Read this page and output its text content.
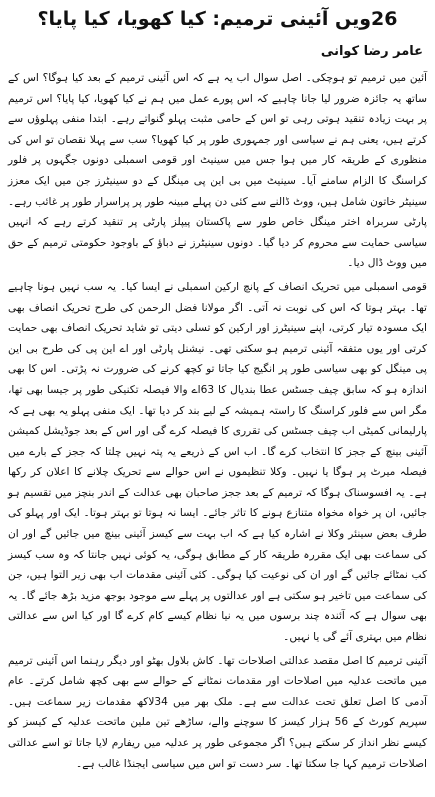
26ویں آئینی ترمیم: کیا کھویا، کیا پایا؟
عامر رضا کوانی

آئین میں ترمیم تو ہوچکی۔ اصل سوال اب یہ ہے کہ اس آئینی ترمیم کے بعد کیا ہوگا؟ اس کے ساتھ یہ جائزہ ضرور لیا جانا چاہیے کہ اس پورے عمل میں ہم نے کیا کھویا، کیا پایا؟ اس ترمیم پر بہت زیادہ تنقید ہوتی رہی تو اس کے حامی مثبت پہلو گنواتے رہے۔ ابتدا منفی پہلوؤں سے کرتے ہیں، یعنی ہم نے سیاسی اور جمہوری طور پر کیا کھویا؟ سب سے پہلا نقصان تو اس کی منظوری کے طریقہ کار میں ہوا جس میں سینیٹ اور قومی اسمبلی دونوں جگہوں پر فلور کراسنگ کا الزام سامنے آیا۔ سینیٹ میں بی این پی مینگل کے دو سینیٹرز جن میں ایک معزز سینیٹر خاتون شامل ہیں، ووٹ ڈالنے سے کئی دن پہلے مبینہ طور پر پراسرار طور پر غائب رہے۔ پارٹی سربراہ اختر مینگل خاص طور سے پاکستان پیپلز پارٹی پر تنقید کرتے رہے کہ انہیں سیاسی حمایت سے محروم کر دیا گیا۔ دونوں سینیٹرز نے دباؤ کے باوجود حکومتی ترمیم کے حق میں ووٹ ڈال دیا۔

قومی اسمبلی میں تحریک انصاف کے پانچ ارکین اسمبلی نے ایسا کیا۔ یہ سب نہیں ہونا چاہیے تھا۔ بہتر ہوتا کہ اس کی نوبت نہ آتی۔ اگر مولانا فضل الرحمن کی طرح تحریک انصاف بھی ایک مسودہ تیار کرتی، اپنے سینیٹرز اور ارکین کو تسلی دیتی تو شاید تحریک انصاف بھی حمایت کرتی اور یوں متفقہ آئینی ترمیم ہو سکتی تھی۔ نیشنل پارٹی اور اے این پی کی طرح بی این پی مینگل کو بھی سیاسی طور پر انگیج کیا جاتا تو کچھ کرنے کی ضرورت نہ پڑتی۔ اس کا بھی اندازہ ہو کہ سابق چیف جسٹس عطا بندیال کا 63اے والا فیصلہ تکنیکی طور پر جیسا بھی تھا، مگر اس سے فلور کراسنگ کا راستہ ہمیشہ کے لیے بند کر دیا تھا۔ ایک منفی پہلو یہ بھی ہے کہ پارلیمانی کمیٹی اب چیف جسٹس کی تقرری کا فیصلہ کرے گی اور اس کے بعد جوڈیشل کمیشن آئینی بینچ کے ججز کا انتخاب کرے گا۔ اب اس کے ذریعے یہ پتہ نہیں چلتا کہ ججز کے بارے میں فیصلہ میرٹ پر ہوگا یا نہیں۔ وکلا تنظیموں نے اس حوالے سے تحریک چلانے کا اعلان کر رکھا ہے۔ یہ افسوسناک ہوگا کہ ترمیم کے بعد ججز صاحبان بھی عدالت کے اندر بنچز میں تقسیم ہو جائیں، ان پر خواہ مخواہ متنازع ہونے کا تاثر جائے۔ ایسا نہ ہوتا تو بہتر ہوتا۔ ایک اور پہلو کی طرف بعض سینئر وکلا نے اشارہ کیا ہے کہ اب بہت سے کیسز آئینی بینچ میں جائیں گے اور ان کی سماعت بھی ایک مقررہ طریقہ کار کے مطابق ہوگی، یہ کوئی نہیں جانتا کہ وہ سب کیسز کب نمٹائے جائیں گے اور ان کی نوعیت کیا ہوگی۔ کئی آئینی مقدمات اب بھی زیر التوا ہیں، جن کی سماعت میں تاخیر ہو سکتی ہے اور عدالتوں پر پہلے سے موجود بوجھ مزید بڑھ جائے گا۔ یہ بھی سوال ہے کہ آئندہ چند برسوں میں یہ نیا نظام کیسے کام کرے گا اور کیا اس سے عدالتی نظام میں بہتری آئے گی یا نہیں۔

آئینی ترمیم کا اصل مقصد عدالتی اصلاحات تھا۔ کاش بلاول بھٹو اور دیگر رہنما اس آئینی ترمیم میں ماتحت عدلیہ میں اصلاحات اور مقدمات نمٹانے کے حوالے سے بھی کچھ شامل کرتے۔ عام آدمی کا اصل تعلق تحت عدالت سے ہے۔ ملک بھر میں 34لاکھ مقدمات زیر سماعت ہیں۔ سپریم کورٹ کے 56 ہزار کیسز کا سوچنے والے، ساڑھے تین ملین ماتحت عدلیہ کے کیسز کو کیسے نظر انداز کر سکتے ہیں؟ اگر مجموعی طور پر عدلیہ میں ریفارم لایا جاتا تو اسے عدالتی اصلاحات ترمیم کہا جا سکتا تھا۔ سر دست تو اس میں سیاسی ایجنڈا غالب ہے۔
